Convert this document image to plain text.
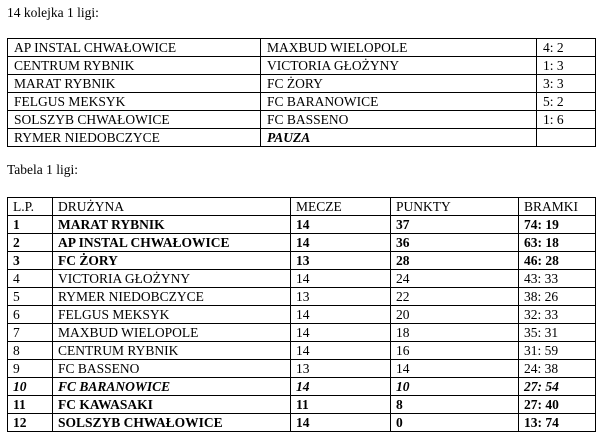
14 kolejka 1 ligi:

AP INSTAL CHWAŁOWICE	MAXBUD WIELOPOLE	4: 2
CENTRUM RYBNIK	VICTORIA GŁOŻYNY	1: 3
MARAT RYBNIK	FC ŻORY	3: 3
FELGUS MEKSYK	FC BARANOWICE	5: 2
SOLSZYB CHWAŁOWICE	FC BASSENO	1: 6
RYMER NIEDOBCZYCE	PAUZA	

Tabela 1 ligi:

L.P.	DRUŻYNA	MECZE	PUNKTY	BRAMKI
1	MARAT RYBNIK	14	37	74: 19
2	AP INSTAL CHWAŁOWICE	14	36	63: 18
3	FC ŻORY	13	28	46: 28
4	VICTORIA GŁOŻYNY	14	24	43: 33
5	RYMER NIEDOBCZYCE	13	22	38: 26
6	FELGUS MEKSYK	14	20	32: 33
7	MAXBUD WIELOPOLE	14	18	35: 31
8	CENTRUM RYBNIK	14	16	31: 59
9	FC BASSENO	13	14	24: 38
10	FC BARANOWICE	14	10	27: 54
11	FC KAWASAKI	11	8	27: 40
12	SOLSZYB CHWAŁOWICE	14	0	13: 74
